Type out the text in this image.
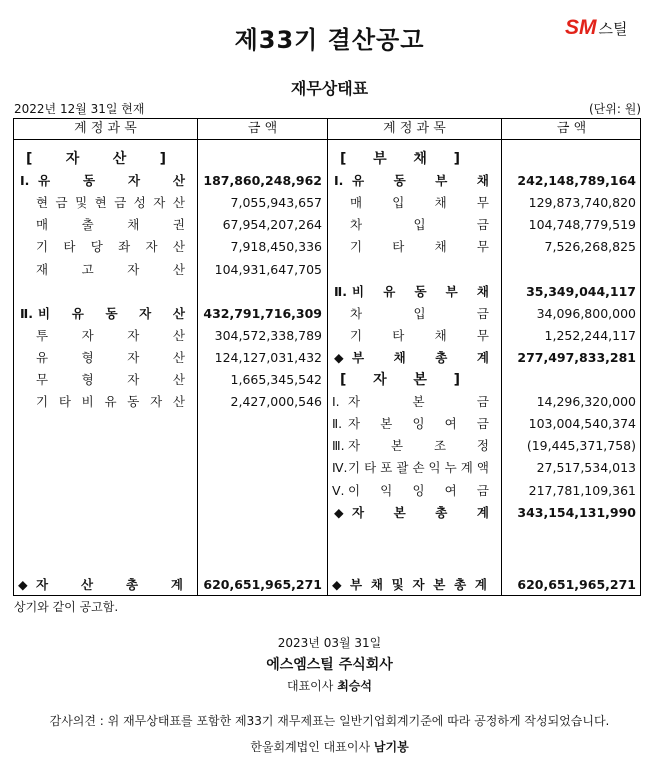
제33기 결산공고	SM 스틸
재무상태표
2022년 12월 31일 현재	(단위: 원)
계 정 과 목	금 액	계 정 과 목	금 액
[ 자 산 ]
Ⅰ. 유	동	자	산	187,860,248,962
현 금 및 현 금 성 자 산	7,055,943,657
매	출	채	권	67,954,207,264
기 타 당 좌 자 산	7,918,450,336
재	고	자	산	104,931,647,705
Ⅱ. 비 유 동 자 산	432,791,716,309
투	자	자	산	304,572,338,789
유	형	자	산	124,127,031,432
무	형	자	산	1,665,345,542
기 타 비 유 동 자 산	2,427,000,546
◆ 자	산	총	계	620,651,965,271
[ 부 채 ]
Ⅰ. 유 동 부 채	242,148,789,164
매 입 채 무	129,873,740,820
차	입	금	104,748,779,519
기 타 채 무	7,526,268,825
Ⅱ. 비 유 동 부 채	35,349,044,117
차	입	금	34,096,800,000
기 타 채 무	1,252,244,117
◆ 부 채 총 계	277,497,833,281
[ 자 본 ]
Ⅰ. 자	본	금	14,296,320,000
Ⅱ. 자 본 잉 여 금	103,004,540,374
Ⅲ. 자 본 조 정	(19,445,371,758)
Ⅳ. 기 타 포 괄 손 익 누 계 액	27,517,534,013
Ⅴ. 이 익 잉 여 금	217,781,109,361
◆ 자 본 총 계	343,154,131,990
◆ 부 채 및 자 본 총 계	620,651,965,271
상기와 같이 공고함.
2023년 03월 31일
에스엠스틸 주식회사
대표이사 최승석
감사의견 : 위 재무상태표를 포함한 제33기 재무제표는 일반기업회계기준에 따라 공정하게 작성되었습니다.
한울회계법인 대표이사 남기봉
